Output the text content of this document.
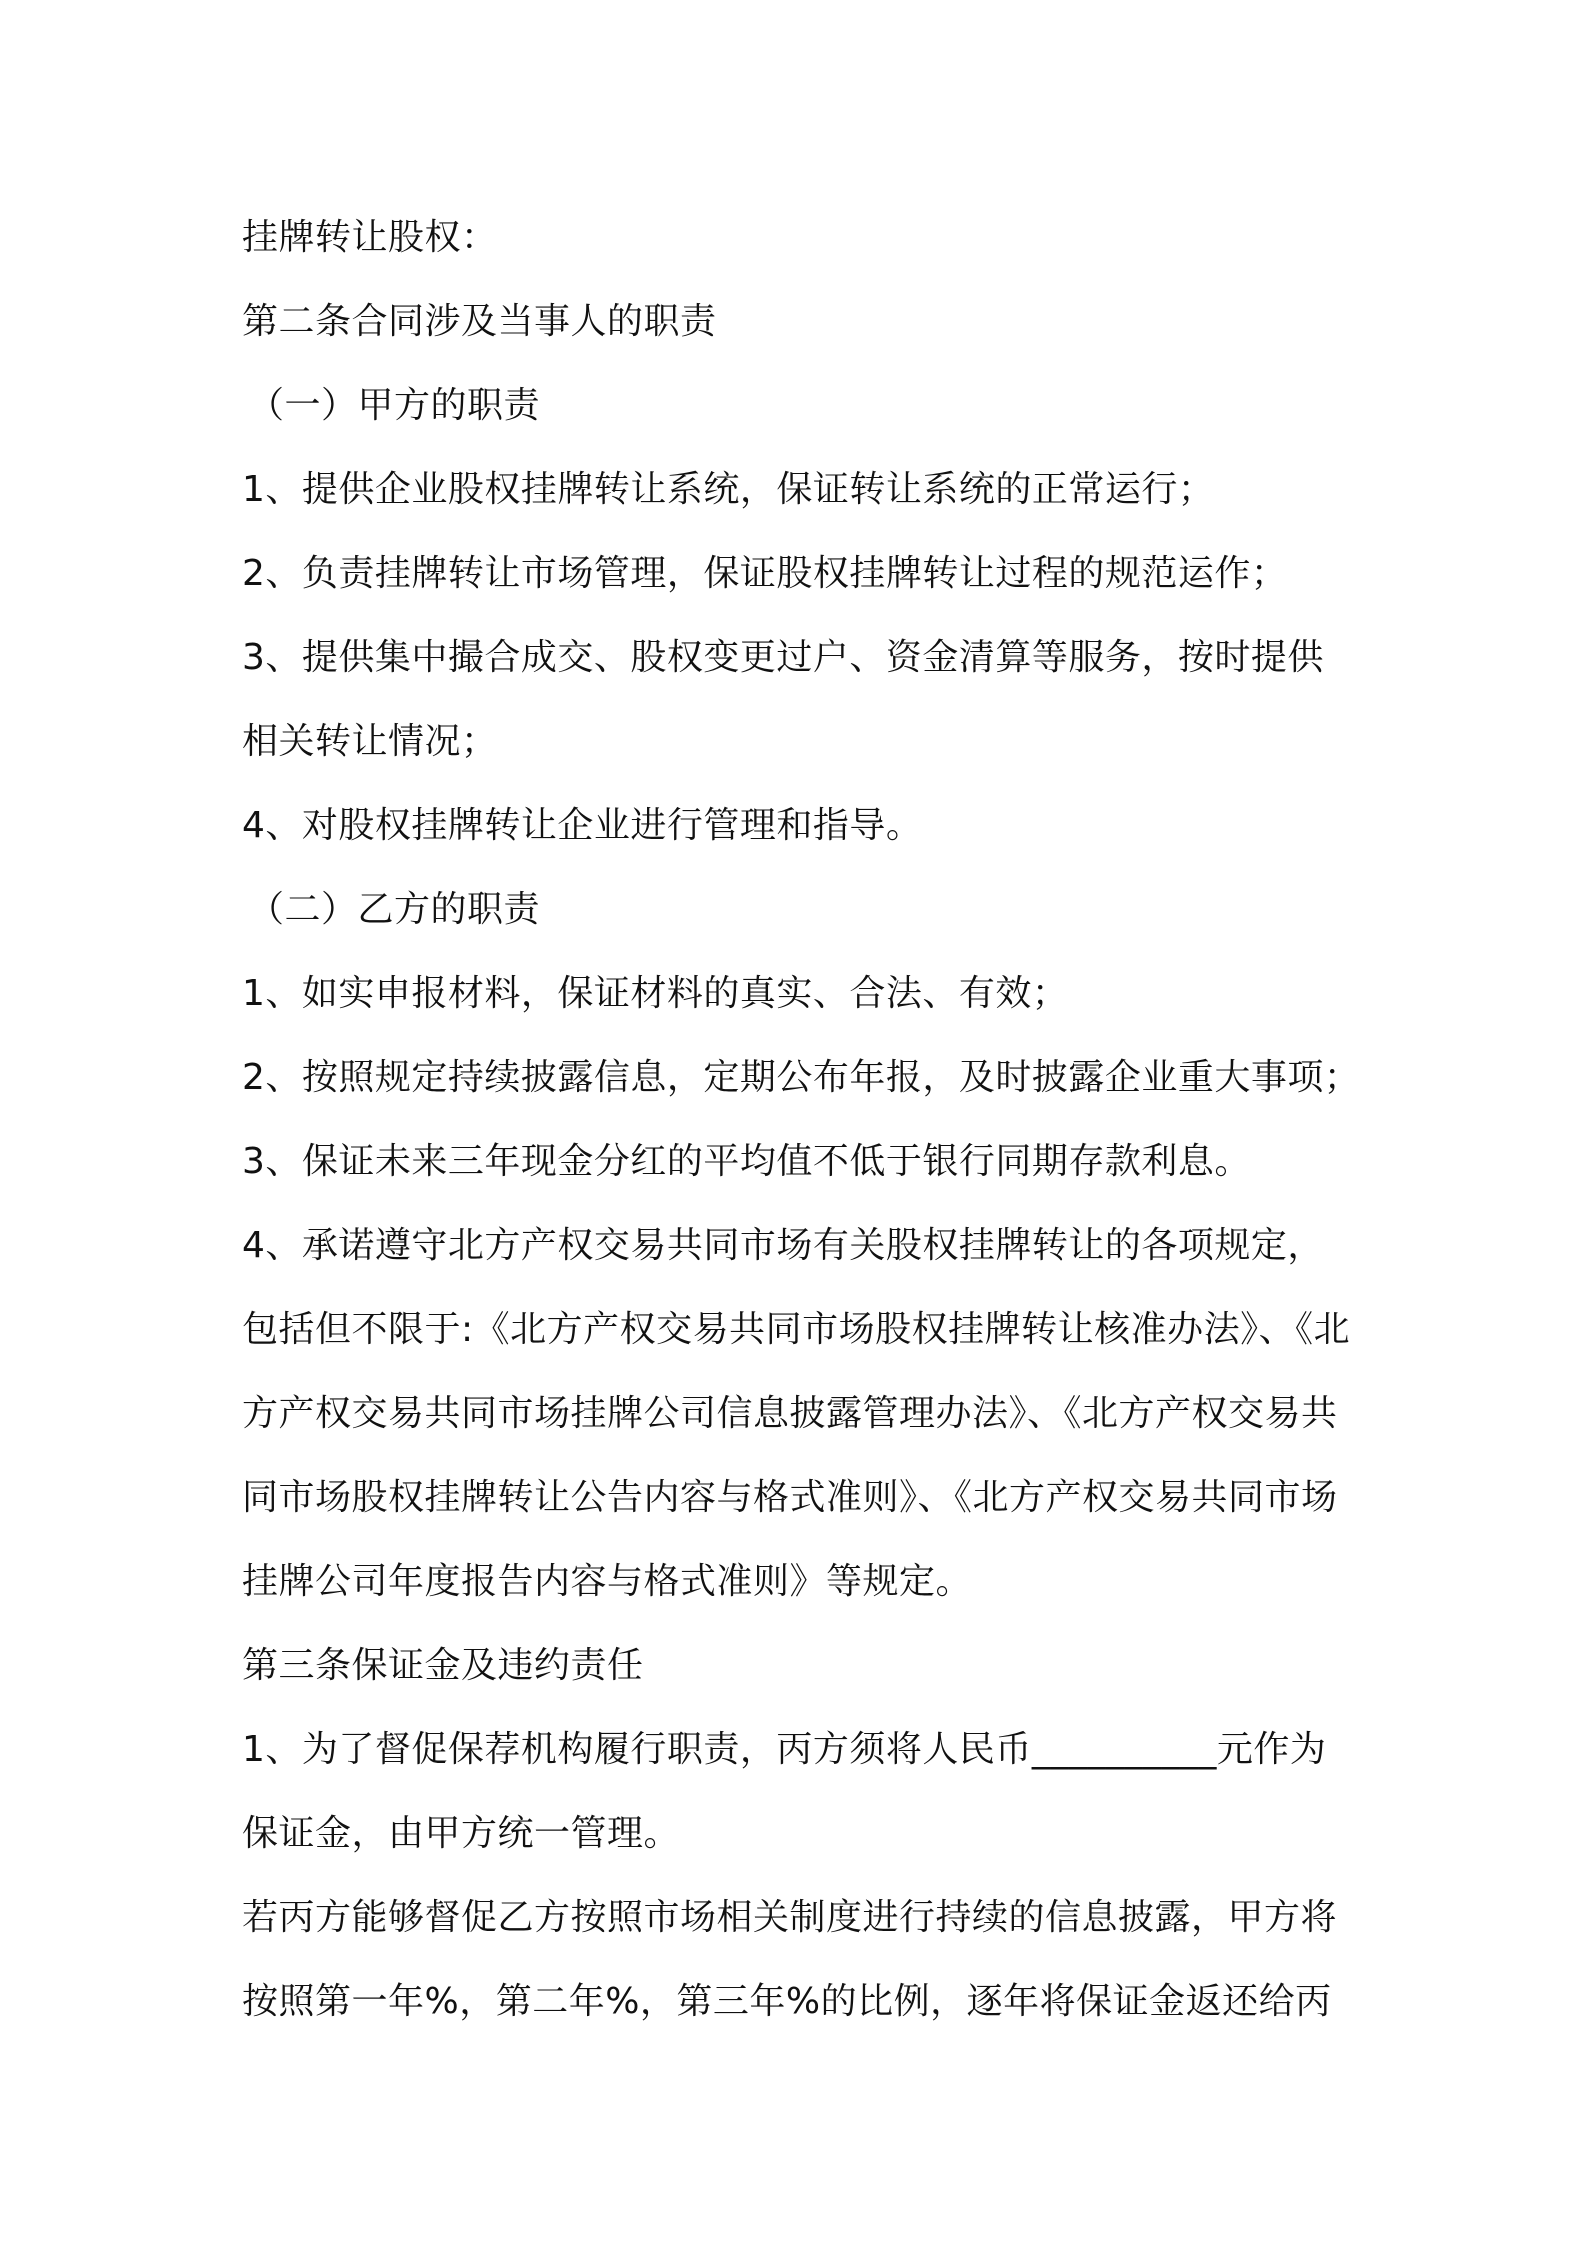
挂牌转让股权：
第二条合同涉及当事人的职责
（一）甲方的职责
1、提供企业股权挂牌转让系统，保证转让系统的正常运行；
2、负责挂牌转让市场管理，保证股权挂牌转让过程的规范运作；
3、提供集中撮合成交、股权变更过户、资金清算等服务，按时提供
相关转让情况；
4、对股权挂牌转让企业进行管理和指导。
（二）乙方的职责
1、如实申报材料，保证材料的真实、合法、有效；
2、按照规定持续披露信息，定期公布年报，及时披露企业重大事项；
3、保证未来三年现金分红的平均值不低于银行同期存款利息。
4、承诺遵守北方产权交易共同市场有关股权挂牌转让的各项规定，
包括但不限于:《北方产权交易共同市场股权挂牌转让核准办法》、《北
方产权交易共同市场挂牌公司信息披露管理办法》、《北方产权交易共
同市场股权挂牌转让公告内容与格式准则》、《北方产权交易共同市场
挂牌公司年度报告内容与格式准则》等规定。
第三条保证金及违约责任
1、为了督促保荐机构履行职责，丙方须将人民币__________元作为
保证金，由甲方统一管理。
若丙方能够督促乙方按照市场相关制度进行持续的信息披露，甲方将
按照第一年%，第二年%，第三年%的比例，逐年将保证金返还给丙
